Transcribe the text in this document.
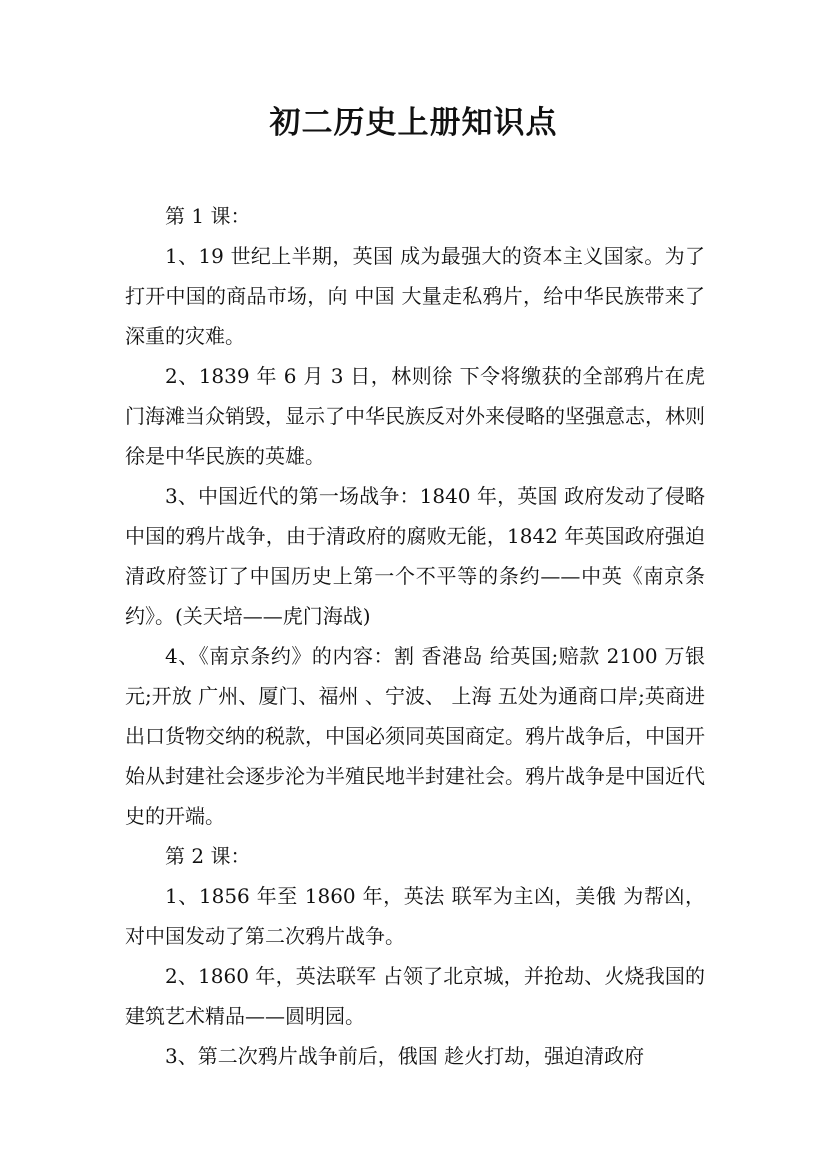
初二历史上册知识点

第 1 课：

1、19 世纪上半期，英国 成为最强大的资本主义国家。为了打开中国的商品市场，向 中国 大量走私鸦片，给中华民族带来了深重的灾难。

2、1839 年 6 月 3 日，林则徐 下令将缴获的全部鸦片在虎门海滩当众销毁，显示了中华民族反对外来侵略的坚强意志，林则徐是中华民族的英雄。

3、中国近代的第一场战争：1840 年，英国 政府发动了侵略中国的鸦片战争，由于清政府的腐败无能，1842 年英国政府强迫清政府签订了中国历史上第一个不平等的条约——中英《南京条约》。(关天培——虎门海战)

4、《南京条约》的内容：割 香港岛 给英国;赔款 2100 万银元;开放 广州、厦门、福州 、宁波、 上海 五处为通商口岸;英商进出口货物交纳的税款，中国必须同英国商定。鸦片战争后，中国开始从封建社会逐步沦为半殖民地半封建社会。鸦片战争是中国近代史的开端。

第 2 课：

1、1856 年至 1860 年，英法 联军为主凶，美俄 为帮凶，对中国发动了第二次鸦片战争。

2、1860 年，英法联军 占领了北京城，并抢劫、火烧我国的建筑艺术精品——圆明园。

3、第二次鸦片战争前后，俄国 趁火打劫，强迫清政府
